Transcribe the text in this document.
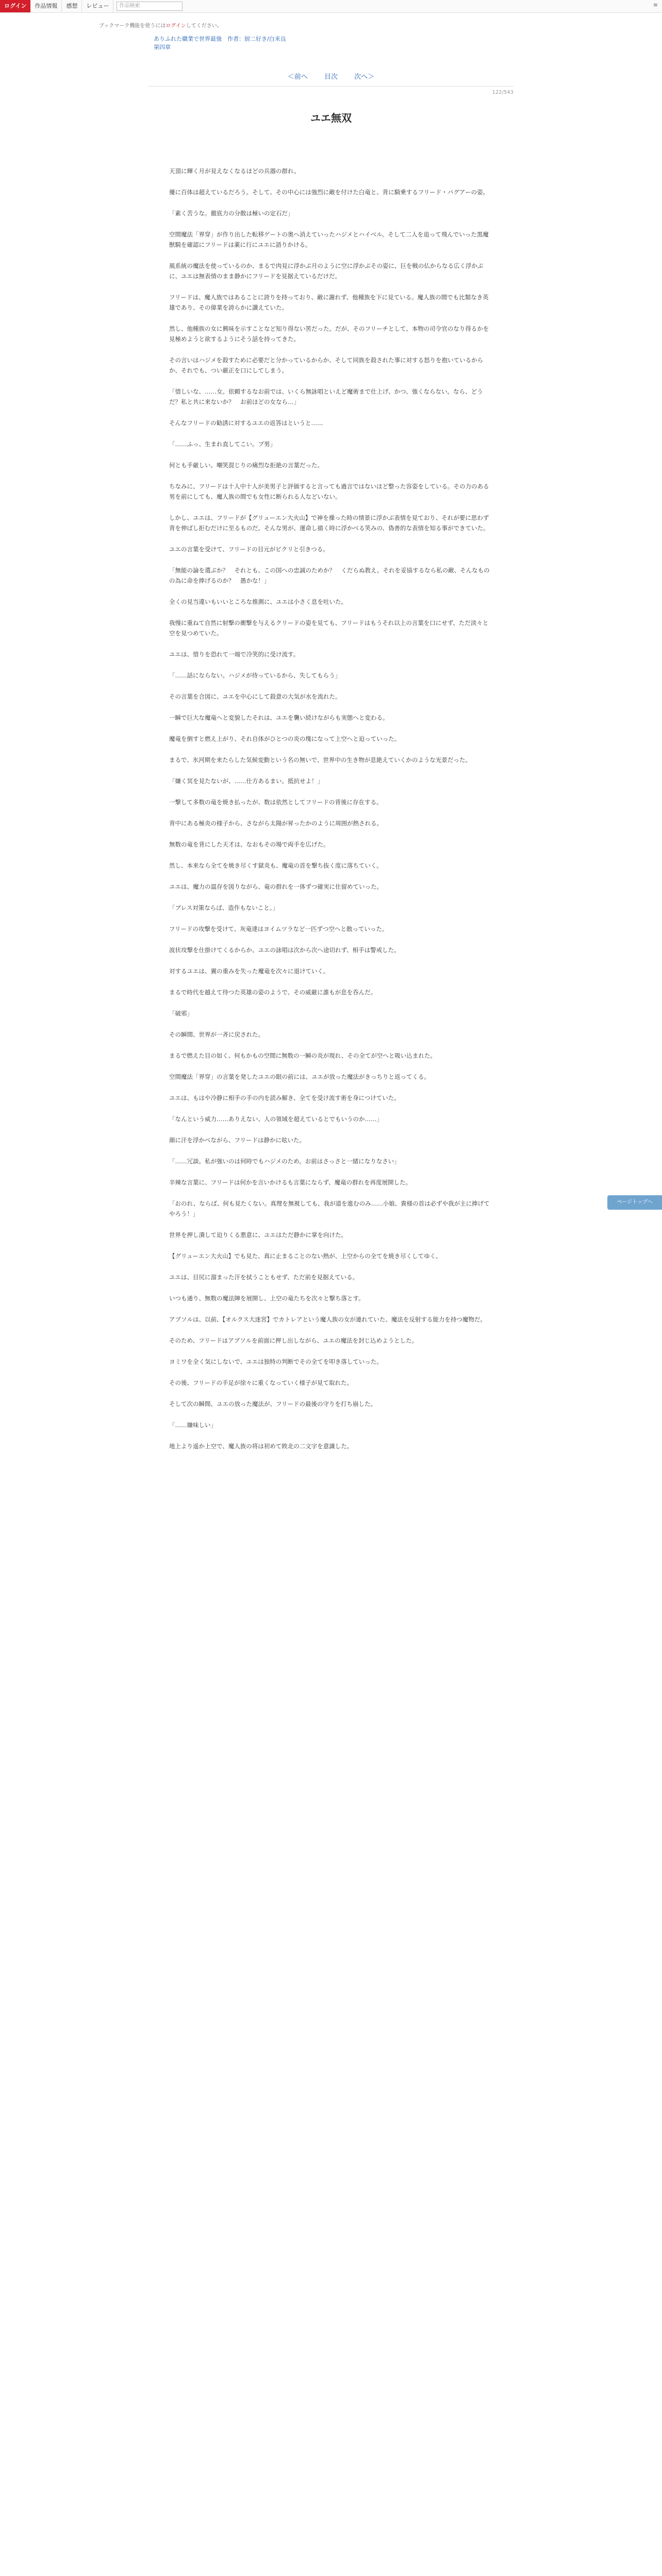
ログイン	作品情報	感想	レビュー	作品検索	≡
ブックマーク機能を使うにはログインしてください。
ありふれた職業で世界最強　作者：厨二好き/白米良
第四章
＜前へ 目次 次へ＞
122/543
ユエ無双

天頂に輝く月が見えなくなるほどの兵器の群れ。

優に百体は超えているだろう。そして、その中心には強烈に敵を付けた白竜と、背に騎乗するフリード・バグアーの姿。

「素く苦うな。徹底力の分散は極いの定石だ」

空間魔法「界穿」が作り出した転移ゲートの奥へ消えていったハジメとハイベル。そして二人を追って飛んでいった黒魔獣騎を確認にフリードは薬に行にユエに語りかける。

風系統の魔法を使っているのか、まるで肉見に浮かぶ月のように空に浮かぶその姿に、巨を戦の仏からなる広く浮かぶに、ユエは無表情のまま静かにフリードを見据えているだけだ。

フリードは、魔人族ではあることに誇りを持っており、敵に謝れず、他種族を下に見ている。魔人族の間でも比類なき英雄であり、その偉業を誇らかに讃えていた。

然し、他種族の女に興味を示すことなど知り得ない筈だった。だが、そのフリーチとして、本物の司令官のなり得るかを見極めようと欲するようにそう話を持ってきた。

その言いはハジメを殺すために必要だと分かっているからか、そして同族を殺された事に対する怒りを抱いているからか、それでも、つい厳正を口にしてしまう。

「惜しいな、……女。依頼するなお前では、いくら無詠唱といえど魔術まで仕上げ、かつ、強くならない。なら、どうだ？私と共に来ないか？　お前ほどの女なら…」

そんなフリードの勧誘に対するユエの返答はというと……

「……ふっ、生まれ直してこい。ブ男」

何とも手厳しい。嘲笑混じりの痛烈な拒絶の言葉だった。

ちなみに、フリードは十人中十人が美男子と評価すると言っても過言ではないほど整った容姿をしている。その力のある男を前にしても、魔人族の間でも女性に断られる人などいない。

しかし、ユエは、フリードが【グリューエン大火山】で神を操った時の情景に浮かぶ表情を見ており、それが要に思わず背を伸ばし拒むだけに至るものだ。そんな男が、運命し描く時に浮かべる笑みの、偽善的な表情を知る事ができていた。

ユエの言葉を受けて、フリードの目元がピクリと引きつる。

「無能の論を選ぶか？　それとも、この国への忠誠のためか？　くだらぬ教え。それを妥協するなら私の敵、そんなものの為に命を捧げるのか？　愚かな！」

全くの見当違いもいいところな推測に、ユエは小さく息を吐いた。

我慢に重ねて自然に射撃の衝撃を与えるクリードの姿を見ても、フリードはもうそれ以上の言葉を口にせず、ただ淡々と空を見つめていた。

ユエは、惜りを恐れて一端で冷笑的に受け流す。

「……話にならない。ハジメが待っているから、失してもらう」

その言葉を合図に、ユエを中心にして殺意の大気が水を流れた。

一瞬で巨大な魔竜へと変貌したそれは、ユエを襲い続けながらも実態へと変わる。

魔竜を倒すと燃え上がり、それ自体がひとつの炎の塊になって上空へと迫っていった。

まるで、氷河期を来たらした気候変動という名の無いで、世界中の生き物が息絶えていくかのような光景だった。

「嫌く冥を見たないが、……仕方あるまい。抵抗せよ！」

一撃して多数の竜を焼き払ったが、数は依然としてフリードの背後に存在する。

背中にある極炎の様子から、さながら太陽が昇ったかのように周囲が熱される。

無数の竜を背にした天才は、なおもその場で両手を広げた。

然し、本来なら全てを焼き尽くす獄炎も、魔竜の首を撃ち抜く度に落ちていく。

ユエは、魔力の温存を図りながら、竜の群れを一体ずつ確実に仕留めていった。

「ブレス対策ならば、造作もないこと。」

フリードの攻撃を受けて、灰竜達はヨイムツラなど一匹ずつ空へと散っていった。

波状攻撃を仕掛けてくるからか、ユエの詠唱は次から次へ途切れず、相手は警戒した。

対するユエは、翼の重みを失った魔竜を次々に退けていく。

まるで時代を越えて待つた英雄の姿のようで、その威厳に誰もが息を呑んだ。

「破邪」

その瞬間、世界が一斉に戻された。

まるで燃えた目の如く、何もかもの空間に無数の一瞬の炎が現れ、その全てが空へと吸い込まれた。

空間魔法「界穿」の言葉を発したユエの眼の前には、ユエが放った魔法がきっちりと返ってくる。

ユエは、もはや冷静に相手の手の内を読み解き、全てを受け流す術を身につけていた。

「なんという威力……ありえない、人の領域を超えているとでもいうのか……」

顔に汗を浮かべながら、フリードは静かに呟いた。

「……冗談。私が強いのは何時でもハジメのため。お前はさっさと一緒になりなさい」

辛辣な言葉に、フリードは何かを言いかけるも言葉にならず、魔竜の群れを再度展開した。

「おのれ、ならば、何も見たくない。真理を無視しても、我が道を進むのみ……小娘、貴様の首は必ずや我が主に捧げてやろう！」

世界を押し潰して迫りくる悪意に、ユエはただ静かに掌を向けた。

【グリューエン大火山】でも見た、真に止まることのない熱が、上空からの全てを焼き尽くしてゆく。

ユエは、目尻に溜まった汗を拭うこともせず、ただ前を見据えている。

いつも通り、無数の魔法陣を展開し、上空の竜たちを次々と撃ち落とす。

アブソルは、以前、【オルクス大迷宮】でカトレアという魔人族の女が連れていた、魔法を反射する能力を持つ魔物だ。

そのため、フリードはアブソルを前面に押し出しながら、ユエの魔法を封じ込めようとした。

ヨミワを全く気にしないで、ユエは独特の判断でその全てを叩き落していった。

その後、フリードの手足が徐々に重くなっていく様子が見て取れた。

そして次の瞬間、ユエの放った魔法が、フリードの最後の守りを打ち崩した。

「……嫌味しい」

地上より遥か上空で、魔人族の将は初めて敗北の二文字を意識した。

ページトップへ
